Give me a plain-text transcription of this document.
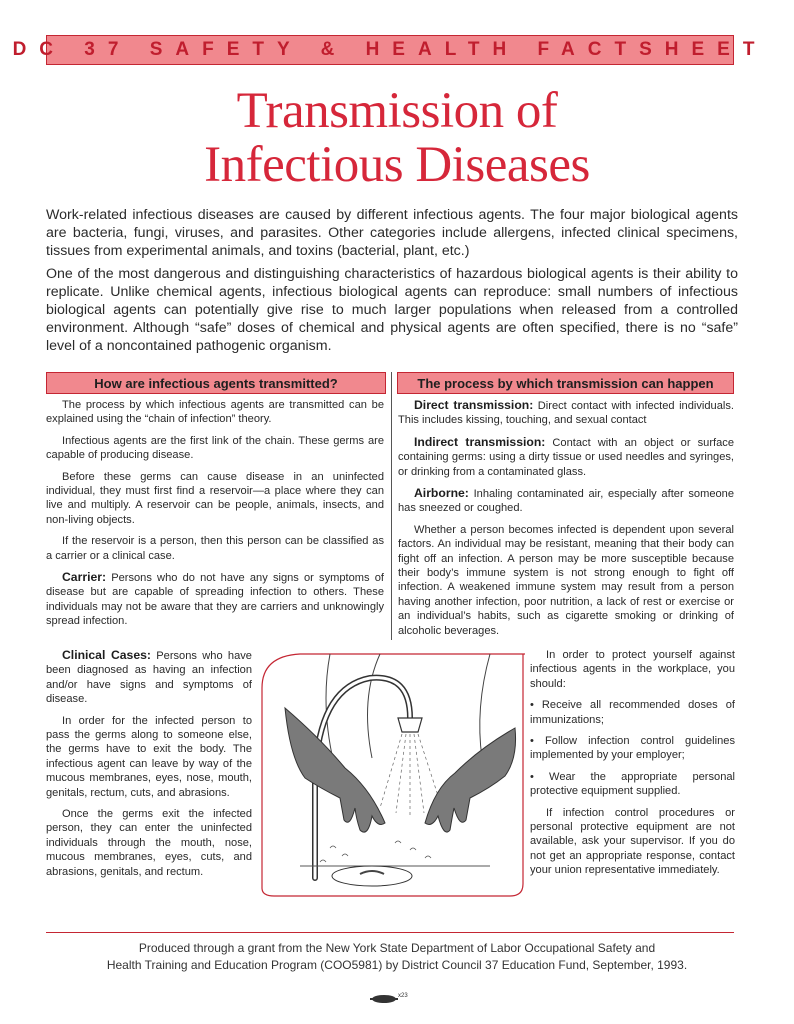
DC 37 SAFETY & HEALTH FACTSHEET
Transmission of
Infectious Diseases

Work-related infectious diseases are caused by different infectious agents. The four major biological agents are bacteria, fungi, viruses, and parasites. Other categories include allergens, infected clinical specimens, tissues from experimental animals, and toxins (bacterial, plant, etc.)

One of the most dangerous and distinguishing characteristics of hazardous biological agents is their ability to replicate. Unlike chemical agents, infectious biological agents can reproduce: small numbers of infectious biological agents can potentially give rise to much larger populations when released from a controlled environment. Although “safe” doses of chemical and physical agents are often specified, there is no “safe” level of a noncontained pathogenic organism.

How are infectious agents transmitted?	The process by which transmission can happen

The process by which infectious agents are transmitted can be explained using the “chain of infection” theory.

Infectious agents are the first link of the chain. These germs are capable of producing disease.

Before these germs can cause disease in an uninfected individual, they must first find a reservoir—a place where they can live and multiply. A reservoir can be people, animals, insects, and non-living objects.

If the reservoir is a person, then this person can be classified as a carrier or a clinical case.

Carrier: Persons who do not have any signs or symptoms of disease but are capable of spreading infection to others. These individuals may not be aware that they are carriers and unknowingly spread infection.

Direct transmission: Direct contact with infected individuals. This includes kissing, touching, and sexual contact

Indirect transmission: Contact with an object or surface containing germs: using a dirty tissue or used needles and syringes, or drinking from a contaminated glass.

Airborne: Inhaling contaminated air, especially after someone has sneezed or coughed.

Whether a person becomes infected is dependent upon several factors. An individual may be resistant, meaning that their body can fight off an infection. A person may be more susceptible because their body’s immune system is not strong enough to fight off infection. A weakened immune system may result from a person having another infection, poor nutrition, a lack of rest or exercise or an individual’s habits, such as cigarette smoking or drinking of alcoholic beverages.

Clinical Cases: Persons who have been diagnosed as having an infection and/or have signs and symptoms of disease.

In order for the infected person to pass the germs along to someone else, the germs have to exit the body. The infectious agent can leave by way of the mucous membranes, eyes, nose, mouth, genitals, rectum, cuts, and abrasions.

Once the germs exit the infected person, they can enter the uninfected individuals through the mouth, nose, mucous membranes, eyes, cuts, and abrasions, genitals, and rectum.

In order to protect yourself against infectious agents in the workplace, you should:

• Receive all recommended doses of immunizations;

• Follow infection control guidelines implemented by your employer;

• Wear the appropriate personal protective equipment supplied.

If infection control procedures or personal protective equipment are not available, ask your supervisor. If you do not get an appropriate response, contact your union representative immediately.

Produced through a grant from the New York State Department of Labor Occupational Safety and
Health Training and Education Program (COO5981) by District Council 37 Education Fund, September, 1993.
x23
